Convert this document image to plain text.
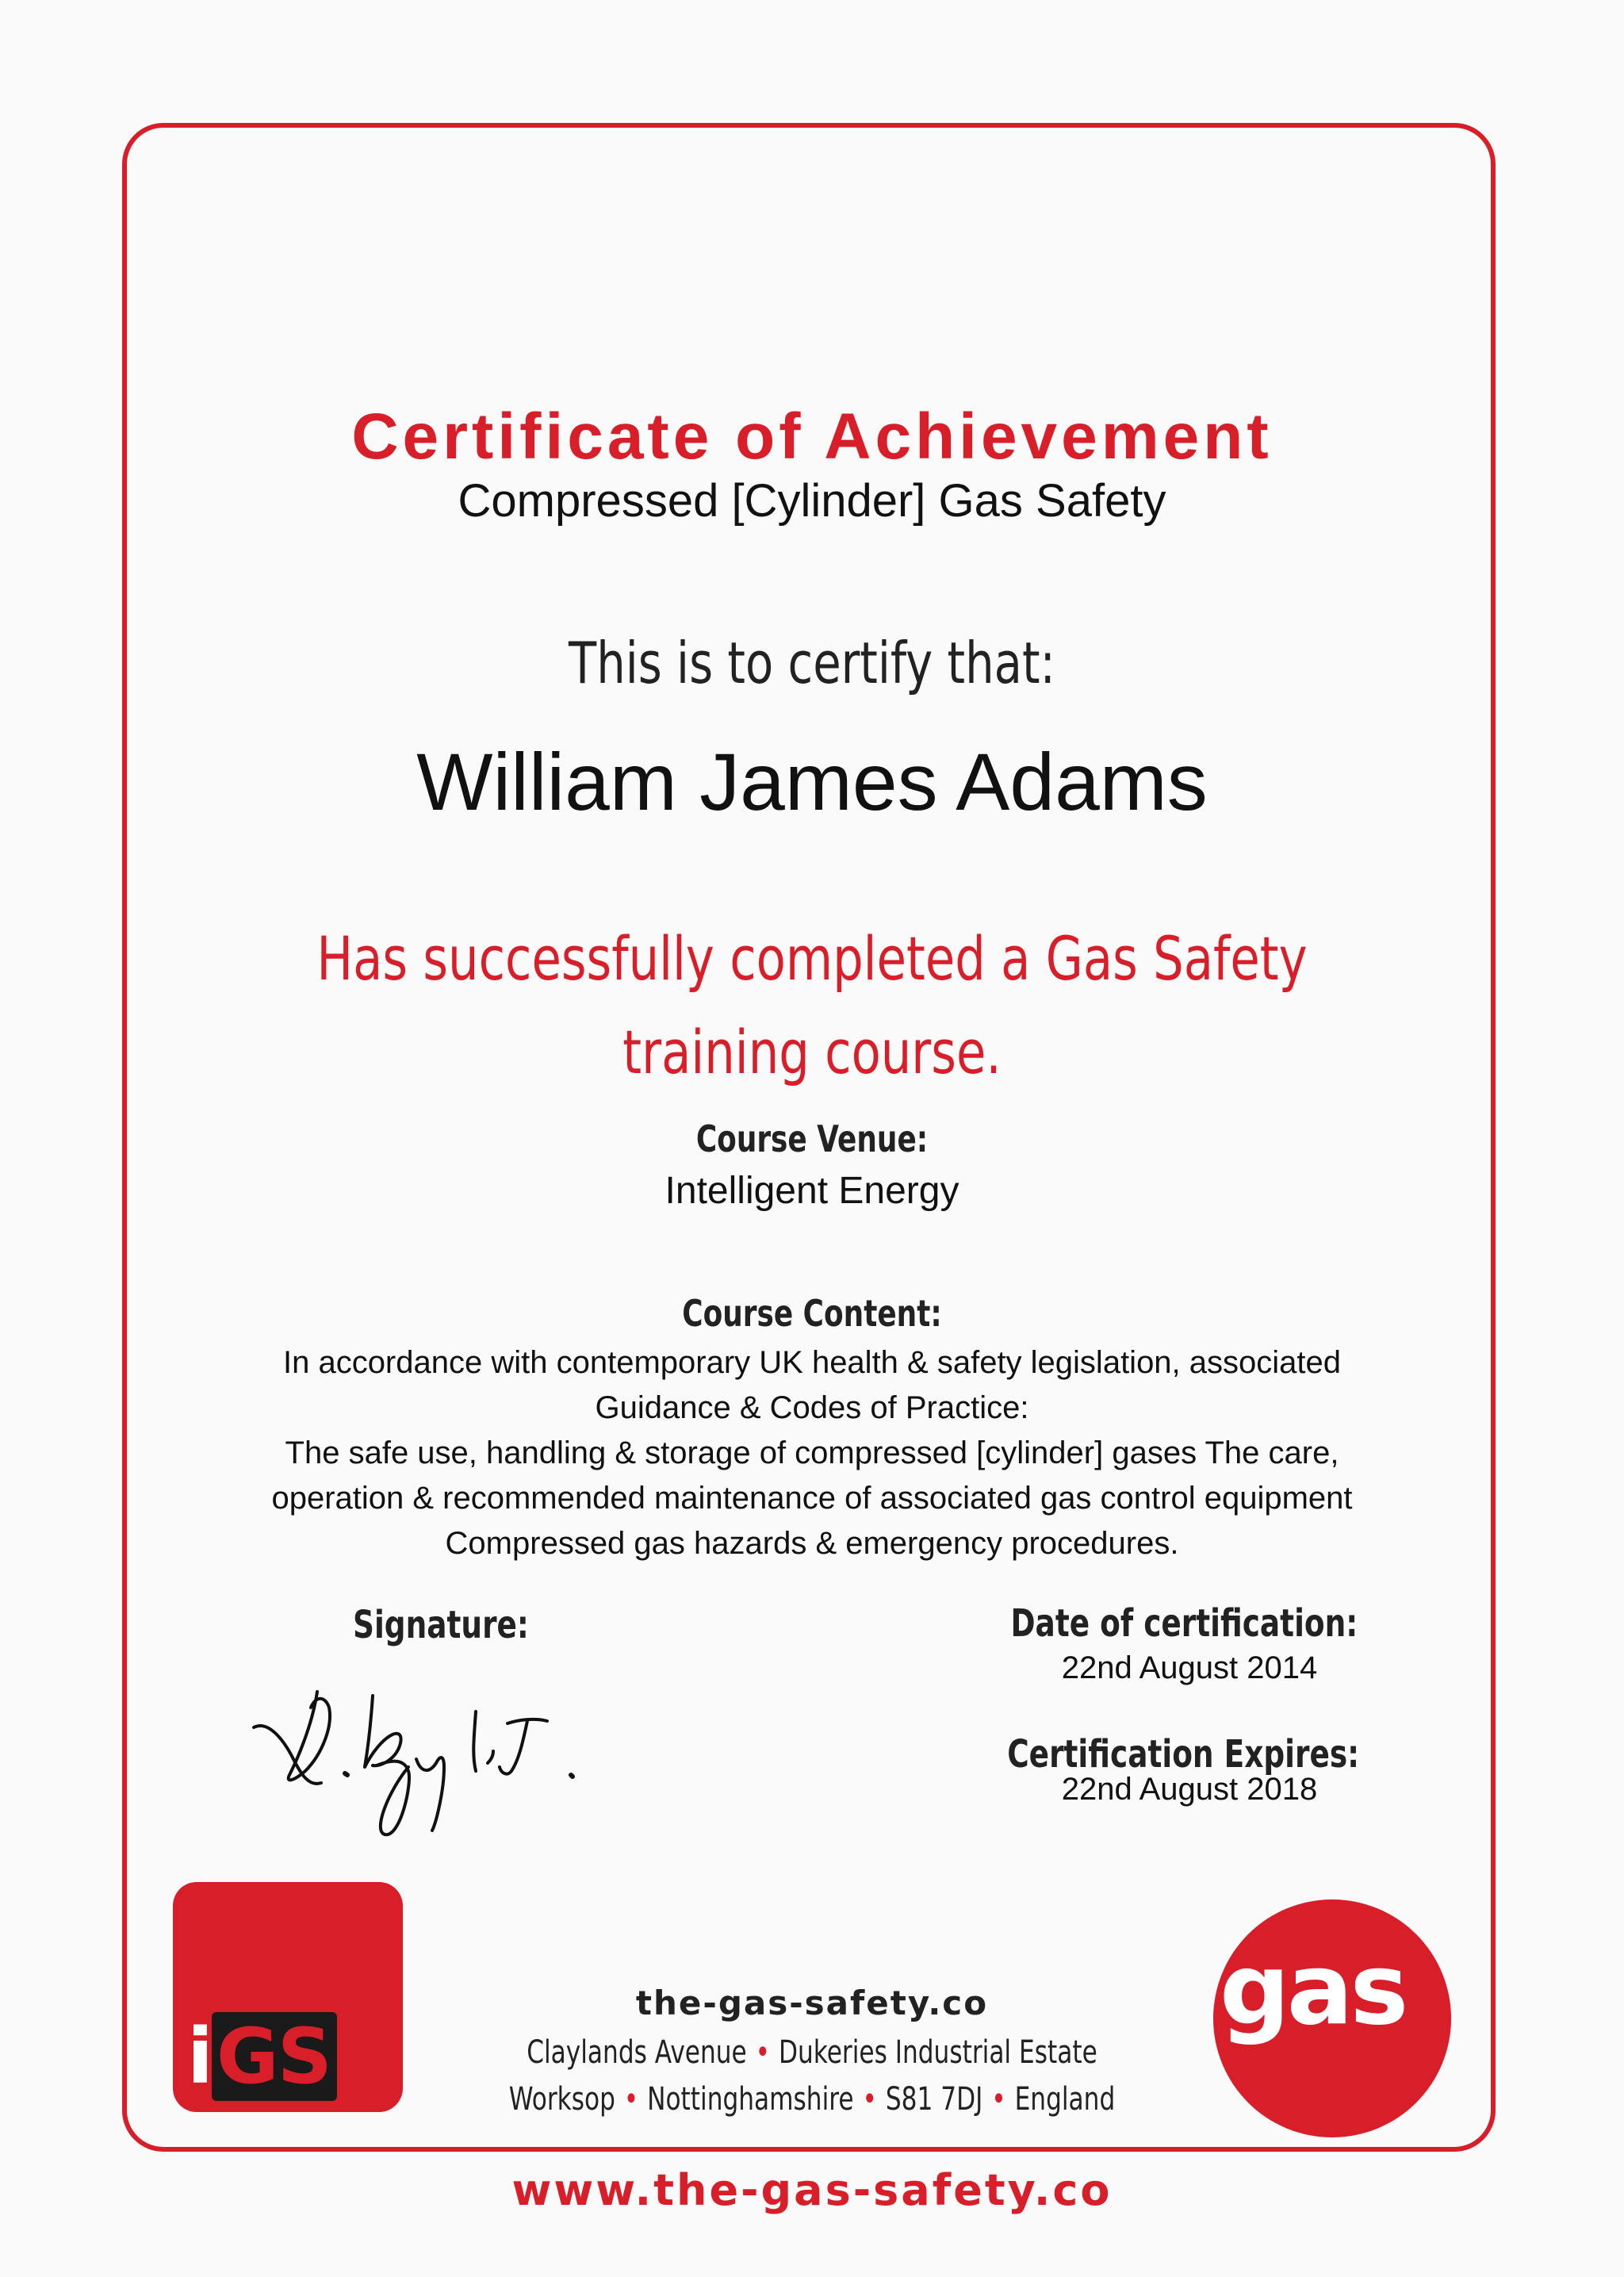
Certificate of Achievement
Compressed [Cylinder] Gas Safety
This is to certify that:
William James Adams
Has successfully completed a Gas Safety
training course.
Course Venue:
Intelligent Energy
Course Content:
In accordance with contemporary UK health & safety legislation, associated
Guidance & Codes of Practice:
The safe use, handling & storage of compressed [cylinder] gases The care,
operation & recommended maintenance of associated gas control equipment
Compressed gas hazards & emergency procedures.
Signature:	Date of certification:
22nd August 2014
Certification Expires:
22nd August 2018
iGS
the-gas-safety.co
Claylands Avenue • Dukeries Industrial Estate
Worksop • Nottinghamshire • S81 7DJ • England
gas
www.the-gas-safety.co
